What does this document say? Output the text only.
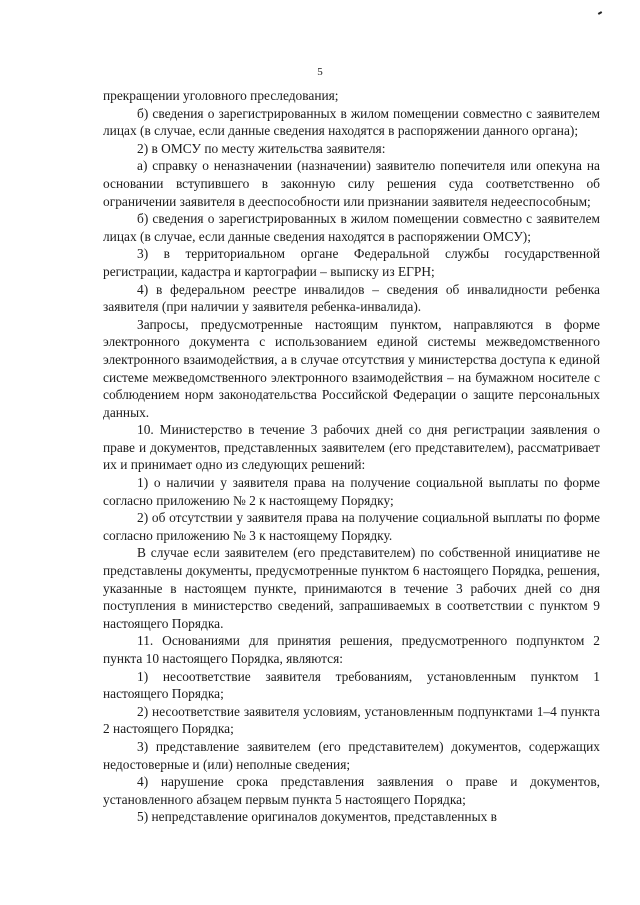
5

прекращении уголовного преследования;

б) сведения о зарегистрированных в жилом помещении совместно с заявителем лицах (в случае, если данные сведения находятся в распоряжении данного органа);

2) в ОМСУ по месту жительства заявителя:

а) справку о неназначении (назначении) заявителю попечителя или опекуна на основании вступившего в законную силу решения суда соответственно об ограничении заявителя в дееспособности или признании заявителя недееспособным;

б) сведения о зарегистрированных в жилом помещении совместно с заявителем лицах (в случае, если данные сведения находятся в распоряжении ОМСУ);

3) в территориальном органе Федеральной службы государственной регистрации, кадастра и картографии – выписку из ЕГРН;

4) в федеральном реестре инвалидов – сведения об инвалидности ребенка заявителя (при наличии у заявителя ребенка-инвалида).

Запросы, предусмотренные настоящим пунктом, направляются в форме электронного документа с использованием единой системы межведомственного электронного взаимодействия, а в случае отсутствия у министерства доступа к единой системе межведомственного электронного взаимодействия – на бумажном носителе с соблюдением норм законодательства Российской Федерации о защите персональных данных.

10. Министерство в течение 3 рабочих дней со дня регистрации заявления о праве и документов, представленных заявителем (его представителем), рассматривает их и принимает одно из следующих решений:

1) о наличии у заявителя права на получение социальной выплаты по форме согласно приложению № 2 к настоящему Порядку;

2) об отсутствии у заявителя права на получение социальной выплаты по форме согласно приложению № 3 к настоящему Порядку.

В случае если заявителем (его представителем) по собственной инициативе не представлены документы, предусмотренные пунктом 6 настоящего Порядка, решения, указанные в настоящем пункте, принимаются в течение 3 рабочих дней со дня поступления в министерство сведений, запрашиваемых в соответствии с пунктом 9 настоящего Порядка.

11. Основаниями для принятия решения, предусмотренного подпунктом 2 пункта 10 настоящего Порядка, являются:

1) несоответствие заявителя требованиям, установленным пунктом 1 настоящего Порядка;

2) несоответствие заявителя условиям, установленным подпунктами 1–4 пункта 2 настоящего Порядка;

3) представление заявителем (его представителем) документов, содержащих недостоверные и (или) неполные сведения;

4) нарушение срока представления заявления о праве и документов, установленного абзацем первым пункта 5 настоящего Порядка;

5) непредставление оригиналов документов, представленных в
